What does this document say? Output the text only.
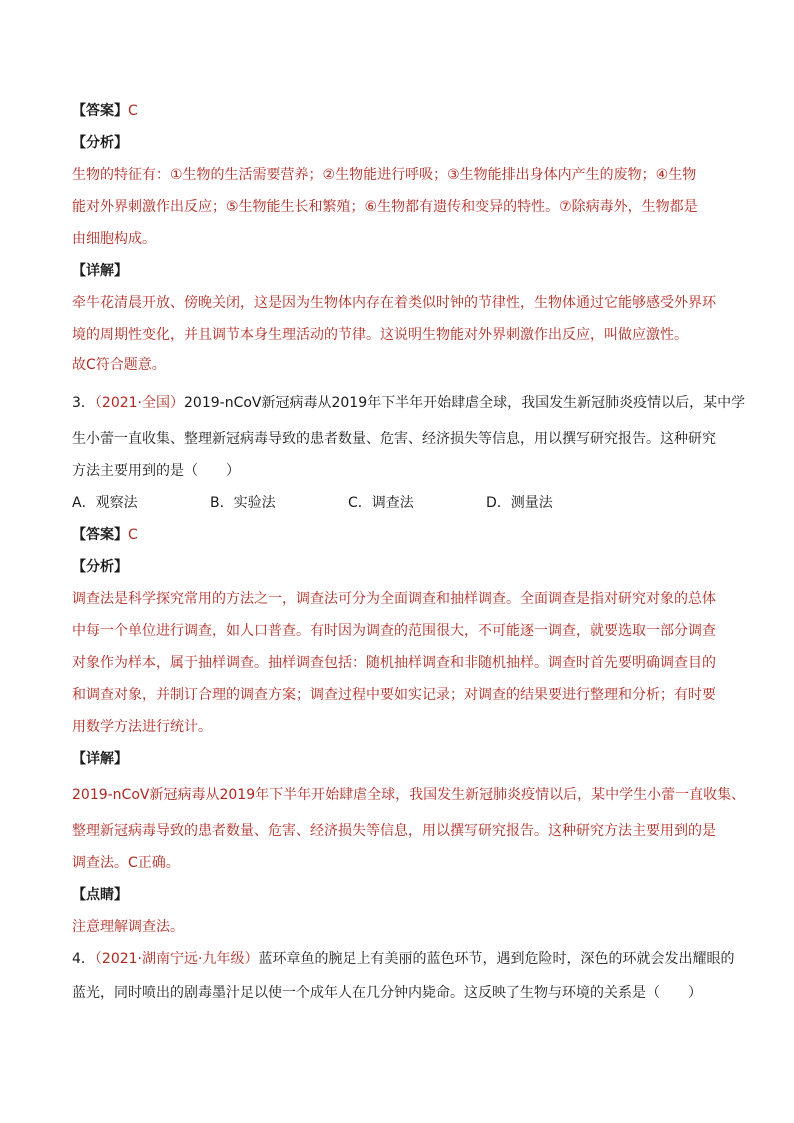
【答案】C
【分析】
生物的特征有：①生物的生活需要营养；②生物能进行呼吸；③生物能排出身体内产生的废物；④生物
能对外界刺激作出反应；⑤生物能生长和繁殖；⑥生物都有遗传和变异的特性。⑦除病毒外，生物都是
由细胞构成。
【详解】
牵牛花清晨开放、傍晚关闭，这是因为生物体内存在着类似时钟的节律性，生物体通过它能够感受外界环
境的周期性变化，并且调节本身生理活动的节律。这说明生物能对外界刺激作出反应，叫做应激性。
故C符合题意。
3．（2021·全国）2019-nCoV新冠病毒从2019年下半年开始肆虐全球，我国发生新冠肺炎疫情以后，某中学
生小蕾一直收集、整理新冠病毒导致的患者数量、危害、经济损失等信息，用以撰写研究报告。这种研究
方法主要用到的是（　　）
A．观察法	B．实验法	C．调查法	D．测量法
【答案】C
【分析】
调查法是科学探究常用的方法之一，调查法可分为全面调查和抽样调查。全面调查是指对研究对象的总体
中每一个单位进行调查，如人口普查。有时因为调查的范围很大，不可能逐一调查，就要选取一部分调查
对象作为样本，属于抽样调查。抽样调查包括：随机抽样调查和非随机抽样。调查时首先要明确调查目的
和调查对象，并制订合理的调查方案；调查过程中要如实记录；对调查的结果要进行整理和分析；有时要
用数学方法进行统计。
【详解】
2019-nCoV新冠病毒从2019年下半年开始肆虐全球，我国发生新冠肺炎疫情以后，某中学生小蕾一直收集、
整理新冠病毒导致的患者数量、危害、经济损失等信息，用以撰写研究报告。这种研究方法主要用到的是
调查法。C正确。
【点睛】
注意理解调查法。
4．（2021·湖南宁远·九年级）蓝环章鱼的腕足上有美丽的蓝色环节，遇到危险时，深色的环就会发出耀眼的
蓝光，同时喷出的剧毒墨汁足以使一个成年人在几分钟内毙命。这反映了生物与环境的关系是（　　）
